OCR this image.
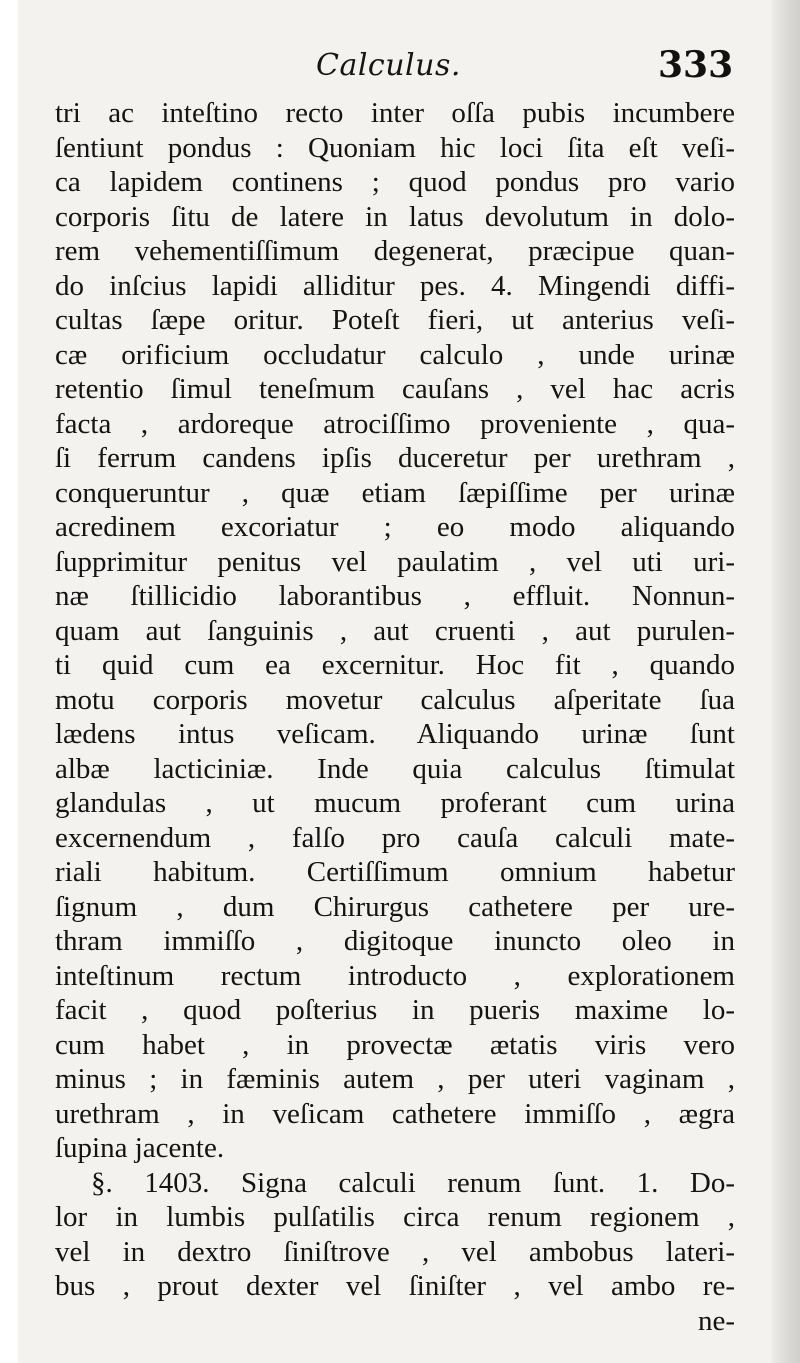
Calculus.	333
tri ac inteſtino recto inter oſſa pubis incumbere
ſentiunt pondus : Quoniam hic loci ſita eſt veſi-
ca lapidem continens ; quod pondus pro vario
corporis ſitu de latere in latus devolutum in dolo-
rem vehementiſſimum degenerat, præcipue quan-
do inſcius lapidi alliditur pes. 4. Mingendi diffi-
cultas ſæpe oritur. Poteſt fieri, ut anterius veſi-
cæ orificium occludatur calculo , unde urinæ
retentio ſimul teneſmum cauſans , vel hac acris
facta , ardoreque atrociſſimo proveniente , qua-
ſi ferrum candens ipſis duceretur per urethram ,
conqueruntur , quæ etiam ſæpiſſime per urinæ
acredinem excoriatur ; eo modo aliquando
ſupprimitur penitus vel paulatim , vel uti uri-
næ ſtillicidio laborantibus , effluit. Nonnun-
quam aut ſanguinis , aut cruenti , aut purulen-
ti quid cum ea excernitur. Hoc fit , quando
motu corporis movetur calculus aſperitate ſua
lædens intus veſicam. Aliquando urinæ ſunt
albæ lacticiniæ. Inde quia calculus ſtimulat
glandulas , ut mucum proferant cum urina
excernendum , falſo pro cauſa calculi mate-
riali habitum. Certiſſimum omnium habetur
ſignum , dum Chirurgus cathetere per ure-
thram immiſſo , digitoque inuncto oleo in
inteſtinum rectum introducto , explorationem
facit , quod poſterius in pueris maxime lo-
cum habet , in provectæ ætatis viris vero
minus ; in fæminis autem , per uteri vaginam ,
urethram , in veſicam cathetere immiſſo , ægra
ſupina jacente.
§. 1403. Signa calculi renum ſunt. 1. Do-
lor in lumbis pulſatilis circa renum regionem ,
vel in dextro ſiniſtrove , vel ambobus lateri-
bus , prout dexter vel ſiniſter , vel ambo re-
ne-
